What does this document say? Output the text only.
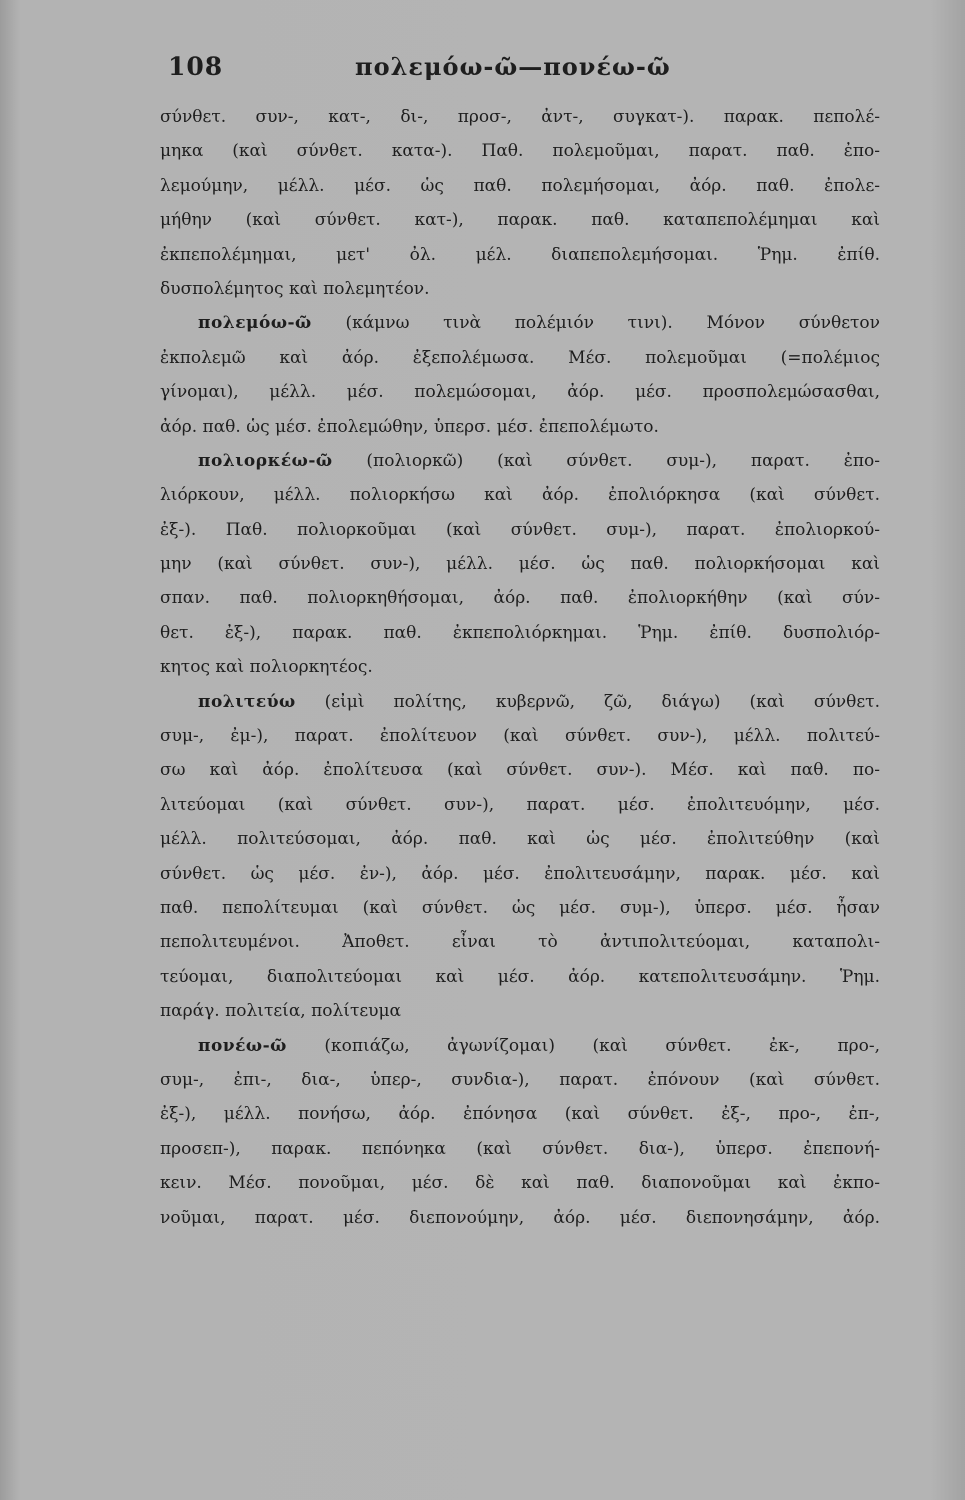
108	πολεμόω-ῶ—πονέω-ῶ
σύνθετ. συν-, κατ-, δι-, προσ-, ἀντ-, συγκατ-). παρακ. πεπολέ-
μηκα (καὶ σύνθετ. κατα-). Παθ. πολεμοῦμαι, παρατ. παθ. ἐπο-
λεμούμην, μέλλ. μέσ. ὡς παθ. πολεμήσομαι, ἀόρ. παθ. ἐπολε-
μήθην (καὶ σύνθετ. κατ-), παρακ. παθ. καταπεπολέμημαι καὶ
ἐκπεπολέμημαι, μετ' ὀλ. μέλ. διαπεπολεμήσομαι. Ῥημ. ἐπίθ.
δυσπολέμητος καὶ πολεμητέον.
πολεμόω-ῶ (κάμνω τινὰ πολέμιόν τινι). Μόνον σύνθετον
ἐκπολεμῶ καὶ ἀόρ. ἐξεπολέμωσα. Μέσ. πολεμοῦμαι (=πολέμιος
γίνομαι), μέλλ. μέσ. πολεμώσομαι, ἀόρ. μέσ. προσπολεμώσασθαι,
ἀόρ. παθ. ὡς μέσ. ἐπολεμώθην, ὑπερσ. μέσ. ἐπεπολέμωτο.
πολιορκέω-ῶ (πολιορκῶ) (καὶ σύνθετ. συμ-), παρατ. ἐπο-
λιόρκουν, μέλλ. πολιορκήσω καὶ ἀόρ. ἐπολιόρκησα (καὶ σύνθετ.
ἐξ-). Παθ. πολιορκοῦμαι (καὶ σύνθετ. συμ-), παρατ. ἐπολιορκού-
μην (καὶ σύνθετ. συν-), μέλλ. μέσ. ὡς παθ. πολιορκήσομαι καὶ
σπαν. παθ. πολιορκηθήσομαι, ἀόρ. παθ. ἐπολιορκήθην (καὶ σύν-
θετ. ἐξ-), παρακ. παθ. ἐκπεπολιόρκημαι. Ῥημ. ἐπίθ. δυσπολιόρ-
κητος καὶ πολιορκητέος.
πολιτεύω (εἰμὶ πολίτης, κυβερνῶ, ζῶ, διάγω) (καὶ σύνθετ.
συμ-, ἐμ-), παρατ. ἐπολίτευον (καὶ σύνθετ. συν-), μέλλ. πολιτεύ-
σω καὶ ἀόρ. ἐπολίτευσα (καὶ σύνθετ. συν-). Μέσ. καὶ παθ. πο-
λιτεύομαι (καὶ σύνθετ. συν-), παρατ. μέσ. ἐπολιτευόμην, μέσ.
μέλλ. πολιτεύσομαι, ἀόρ. παθ. καὶ ὡς μέσ. ἐπολιτεύθην (καὶ
σύνθετ. ὡς μέσ. ἐν-), ἀόρ. μέσ. ἐπολιτευσάμην, παρακ. μέσ. καὶ
παθ. πεπολίτευμαι (καὶ σύνθετ. ὡς μέσ. συμ-), ὑπερσ. μέσ. ἦσαν
πεπολιτευμένοι. Ἀποθετ. εἶναι τὸ ἀντιπολιτεύομαι, καταπολι-
τεύομαι, διαπολιτεύομαι καὶ μέσ. ἀόρ. κατεπολιτευσάμην. Ῥημ.
παράγ. πολιτεία, πολίτευμα
πονέω-ῶ (κοπιάζω, ἀγωνίζομαι) (καὶ σύνθετ. ἐκ-, προ-,
συμ-, ἐπι-, δια-, ὑπερ-, συνδια-), παρατ. ἐπόνουν (καὶ σύνθετ.
ἐξ-), μέλλ. πονήσω, ἀόρ. ἐπόνησα (καὶ σύνθετ. ἐξ-, προ-, ἐπ-,
προσεπ-), παρακ. πεπόνηκα (καὶ σύνθετ. δια-), ὑπερσ. ἐπεπονή-
κειν. Μέσ. πονοῦμαι, μέσ. δὲ καὶ παθ. διαπονοῦμαι καὶ ἐκπο-
νοῦμαι, παρατ. μέσ. διεπονούμην, ἀόρ. μέσ. διεπονησάμην, ἀόρ.
